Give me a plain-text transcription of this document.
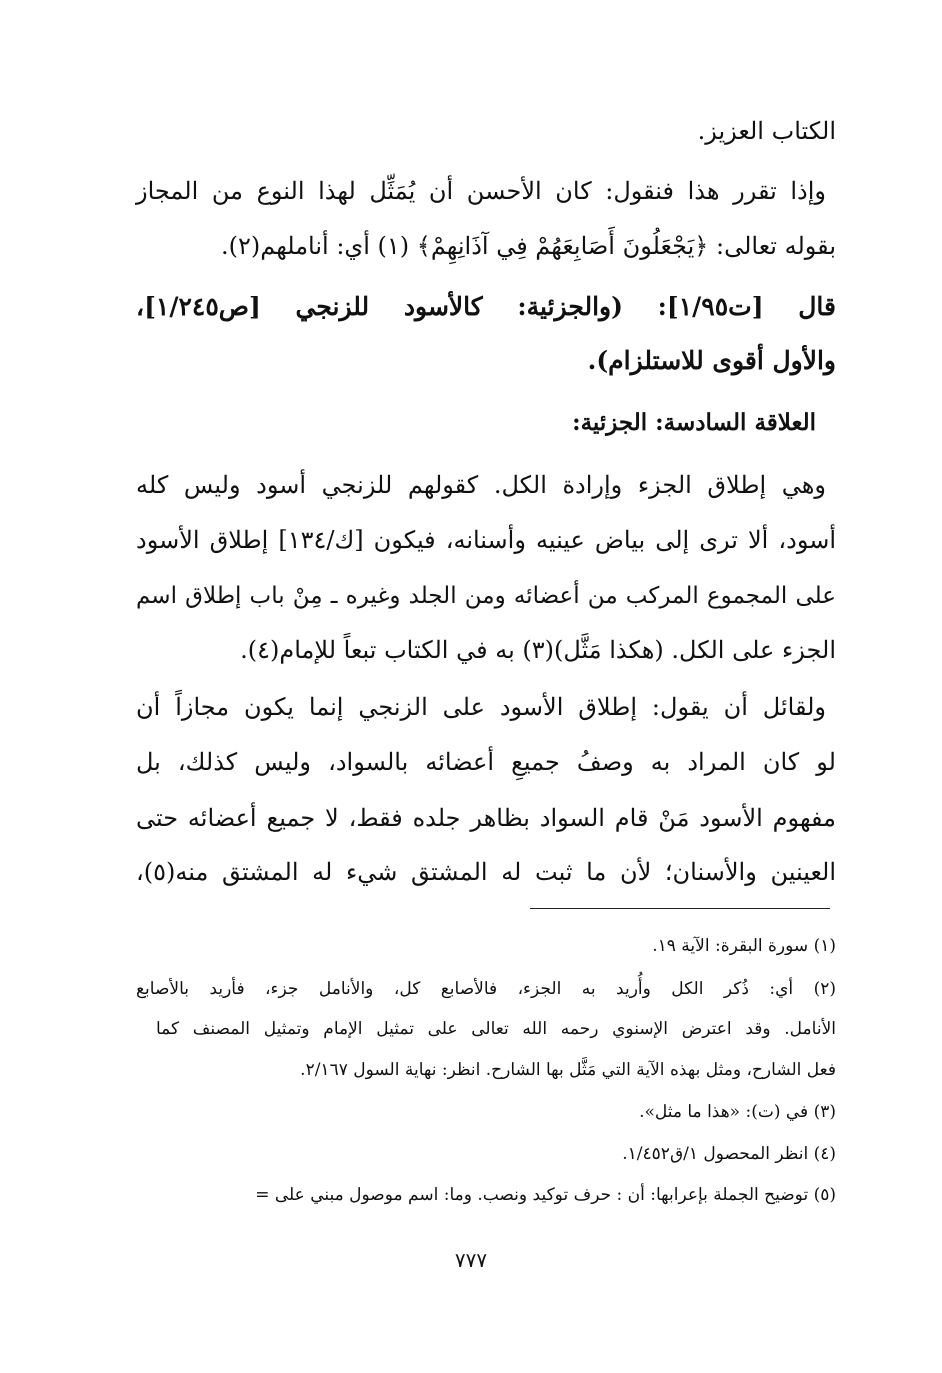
الكتاب العزيز.
وإذا تقرر هذا فنقول: كان الأحسن أن يُمَثِّل لهذا النوع من المجاز
بقوله تعالى: ﴿يَجْعَلُونَ أَصَابِعَهُمْ فِي آذَانِهِمْ﴾ (١) أي: أناملهم(٢).
قال [ت١/٩٥]: (والجزئية: كالأسود للزنجي [ص١/٢٤٥]،
والأول أقوى للاستلزام).
العلاقة السادسة: الجزئية:
وهي إطلاق الجزء وإرادة الكل. كقولهم للزنجي أسود وليس كله
أسود، ألا ترى إلى بياض عينيه وأسنانه، فيكون [ك/١٣٤] إطلاق الأسود
على المجموع المركب من أعضائه ومن الجلد وغيره ـ مِنْ باب إطلاق اسم
الجزء على الكل. (هكذا مَثَّل)(٣) به في الكتاب تبعاً للإمام(٤).
ولقائل أن يقول: إطلاق الأسود على الزنجي إنما يكون مجازاً أن
لو كان المراد به وصفُ جميعِ أعضائه بالسواد، وليس كذلك، بل
مفهوم الأسود مَنْ قام السواد بظاهر جلده فقط، لا جميع أعضائه حتى
العينين والأسنان؛ لأن ما ثبت له المشتق شيء له المشتق منه(٥)،
(١) سورة البقرة: الآية ١٩.
(٢) أي: ذُكر الكل وأُريد به الجزء، فالأصابع كل، والأنامل جزء، فأريد بالأصابع
الأنامل. وقد اعترض الإسنوي رحمه الله تعالى على تمثيل الإمام وتمثيل المصنف كما
فعل الشارح، ومثل بهذه الآية التي مَثَّل بها الشارح. انظر: نهاية السول ٢/١٦٧.
(٣) في (ت): «هذا ما مثل».
(٤) انظر المحصول ١/ق١/٤٥٢.
(٥) توضيح الجملة بإعرابها: أن : حرف توكيد ونصب. وما: اسم موصول مبني على =
٧٧٧
